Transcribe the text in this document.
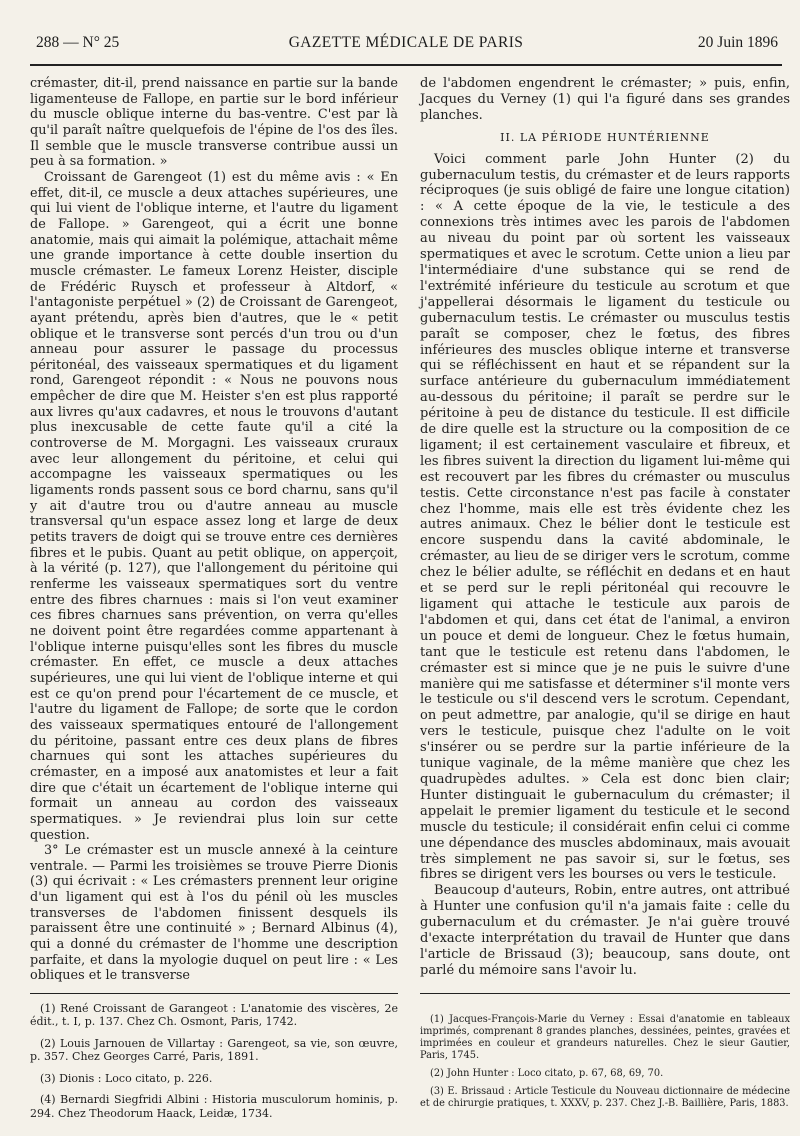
288 — N° 25	GAZETTE MÉDICALE DE PARIS	20 Juin 1896

crémaster, dit-il, prend naissance en partie sur la bande ligamenteuse de Fallope, en partie sur le bord inférieur du muscle oblique interne du bas-ventre. C'est par là qu'il paraît naître quelquefois de l'épine de l'os des îles. Il semble que le muscle transverse contribue aussi un peu à sa formation. »

Croissant de Garengeot (1) est du même avis : « En effet, dit-il, ce muscle a deux attaches supérieures, une qui lui vient de l'oblique interne, et l'autre du ligament de Fallope. » Garengeot, qui a écrit une bonne anatomie, mais qui aimait la polémique, attachait même une grande importance à cette double insertion du muscle crémaster. Le fameux Lorenz Heister, disciple de Frédéric Ruysch et professeur à Altdorf, « l'antagoniste perpétuel » (2) de Croissant de Garengeot, ayant prétendu, après bien d'autres, que le « petit oblique et le transverse sont percés d'un trou ou d'un anneau pour assurer le passage du processus péritonéal, des vaisseaux spermatiques et du ligament rond, Garengeot répondit : « Nous ne pouvons nous empêcher de dire que M. Heister s'en est plus rapporté aux livres qu'aux cadavres, et nous le trouvons d'autant plus inexcusable de cette faute qu'il a cité la controverse de M. Morgagni. Les vaisseaux cruraux avec leur allongement du péritoine, et celui qui accompagne les vaisseaux spermatiques ou les ligaments ronds passent sous ce bord charnu, sans qu'il y ait d'autre trou ou d'autre anneau au muscle transversal qu'un espace assez long et large de deux petits travers de doigt qui se trouve entre ces dernières fibres et le pubis. Quant au petit oblique, on apperçoit, à la vérité (p. 127), que l'allongement du péritoine qui renferme les vaisseaux spermatiques sort du ventre entre des fibres charnues : mais si l'on veut examiner ces fibres charnues sans prévention, on verra qu'elles ne doivent point être regardées comme appartenant à l'oblique interne puisqu'elles sont les fibres du muscle crémaster. En effet, ce muscle a deux attaches supérieures, une qui lui vient de l'oblique interne et qui est ce qu'on prend pour l'écartement de ce muscle, et l'autre du ligament de Fallope; de sorte que le cordon des vaisseaux spermatiques entouré de l'allongement du péritoine, passant entre ces deux plans de fibres charnues qui sont les attaches supérieures du crémaster, en a imposé aux anatomistes et leur a fait dire que c'était un écartement de l'oblique interne qui formait un anneau au cordon des vaisseaux spermatiques. » Je reviendrai plus loin sur cette question.

3° Le crémaster est un muscle annexé à la ceinture ventrale. — Parmi les troisièmes se trouve Pierre Dionis (3) qui écrivait : « Les crémasters prennent leur origine d'un ligament qui est à l'os du pénil où les muscles transverses de l'abdomen finissent desquels ils paraissent être une continuité » ; Bernard Albinus (4), qui a donné du crémaster de l'homme une description parfaite, et dans la myologie duquel on peut lire : « Les obliques et le transverse

de l'abdomen engendrent le crémaster; » puis, enfin, Jacques du Verney (1) qui l'a figuré dans ses grandes planches.

II. LA PÉRIODE HUNTÉRIENNE

Voici comment parle John Hunter (2) du gubernaculum testis, du crémaster et de leurs rapports réciproques (je suis obligé de faire une longue citation) : « A cette époque de la vie, le testicule a des connexions très intimes avec les parois de l'abdomen au niveau du point par où sortent les vaisseaux spermatiques et avec le scrotum. Cette union a lieu par l'intermédiaire d'une substance qui se rend de l'extrémité inférieure du testicule au scrotum et que j'appellerai désormais le ligament du testicule ou gubernaculum testis. Le crémaster ou musculus testis paraît se composer, chez le fœtus, des fibres inférieures des muscles oblique interne et transverse qui se réfléchissent en haut et se répandent sur la surface antérieure du gubernaculum immédiatement au-dessous du péritoine; il paraît se perdre sur le péritoine à peu de distance du testicule. Il est difficile de dire quelle est la structure ou la composition de ce ligament; il est certainement vasculaire et fibreux, et les fibres suivent la direction du ligament lui-même qui est recouvert par les fibres du crémaster ou musculus testis. Cette circonstance n'est pas facile à constater chez l'homme, mais elle est très évidente chez les autres animaux. Chez le bélier dont le testicule est encore suspendu dans la cavité abdominale, le crémaster, au lieu de se diriger vers le scrotum, comme chez le bélier adulte, se réfléchit en dedans et en haut et se perd sur le repli péritonéal qui recouvre le ligament qui attache le testicule aux parois de l'abdomen et qui, dans cet état de l'animal, a environ un pouce et demi de longueur. Chez le fœtus humain, tant que le testicule est retenu dans l'abdomen, le crémaster est si mince que je ne puis le suivre d'une manière qui me satisfasse et déterminer s'il monte vers le testicule ou s'il descend vers le scrotum. Cependant, on peut admettre, par analogie, qu'il se dirige en haut vers le testicule, puisque chez l'adulte on le voit s'insérer ou se perdre sur la partie inférieure de la tunique vaginale, de la même manière que chez les quadrupèdes adultes. » Cela est donc bien clair; Hunter distinguait le gubernaculum du crémaster; il appelait le premier ligament du testicule et le second muscle du testicule; il considérait enfin celui ci comme une dépendance des muscles abdominaux, mais avouait très simplement ne pas savoir si, sur le fœtus, ses fibres se dirigent vers les bourses ou vers le testicule.

Beaucoup d'auteurs, Robin, entre autres, ont attribué à Hunter une confusion qu'il n'a jamais faite : celle du gubernaculum et du crémaster. Je n'ai guère trouvé d'exacte interprétation du travail de Hunter que dans l'article de Brissaud (3); beaucoup, sans doute, ont parlé du mémoire sans l'avoir lu.

(1) René Croissant de Garangeot : L'anatomie des viscères, 2e édit., t. I, p. 137. Chez Ch. Osmont, Paris, 1742.

(2) Louis Jarnouen de Villartay : Garengeot, sa vie, son œuvre, p. 357. Chez Georges Carré, Paris, 1891.

(3) Dionis : Loco citato, p. 226.

(4) Bernardi Siegfridi Albini : Historia musculorum hominis, p. 294. Chez Theodorum Haack, Leidæ, 1734.

(1) Jacques-François-Marie du Verney : Essai d'anatomie en tableaux imprimés, comprenant 8 grandes planches, dessinées, peintes, gravées et imprimées en couleur et grandeurs naturelles. Chez le sieur Gautier, Paris, 1745.

(2) John Hunter : Loco citato, p. 67, 68, 69, 70.

(3) E. Brissaud : Article Testicule du Nouveau dictionnaire de médecine et de chirurgie pratiques, t. XXXV, p. 237. Chez J.-B. Baillière, Paris, 1883.
